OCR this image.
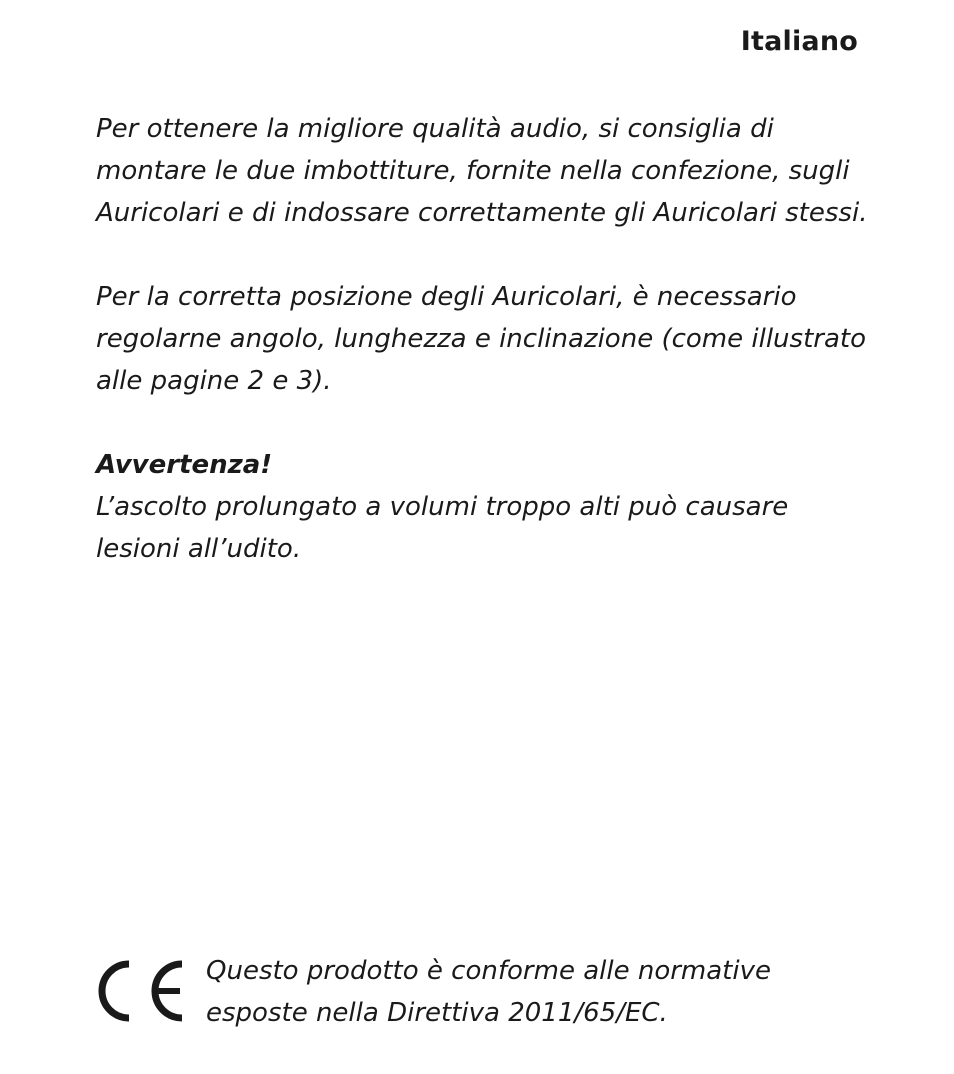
Italiano

Per ottenere la migliore qualità audio, si consiglia di montare le due imbottiture, fornite nella confezione, sugli Auricolari e di indossare correttamente gli Auricolari stessi.

Per la corretta posizione degli Auricolari, è necessario regolarne angolo, lunghezza e inclinazione (come illustrato alle pagine 2 e 3).

Avvertenza!
L’ascolto prolungato a volumi troppo alti può causare lesioni all’udito.

Questo prodotto è conforme alle normative esposte nella Direttiva 2011/65/EC.
